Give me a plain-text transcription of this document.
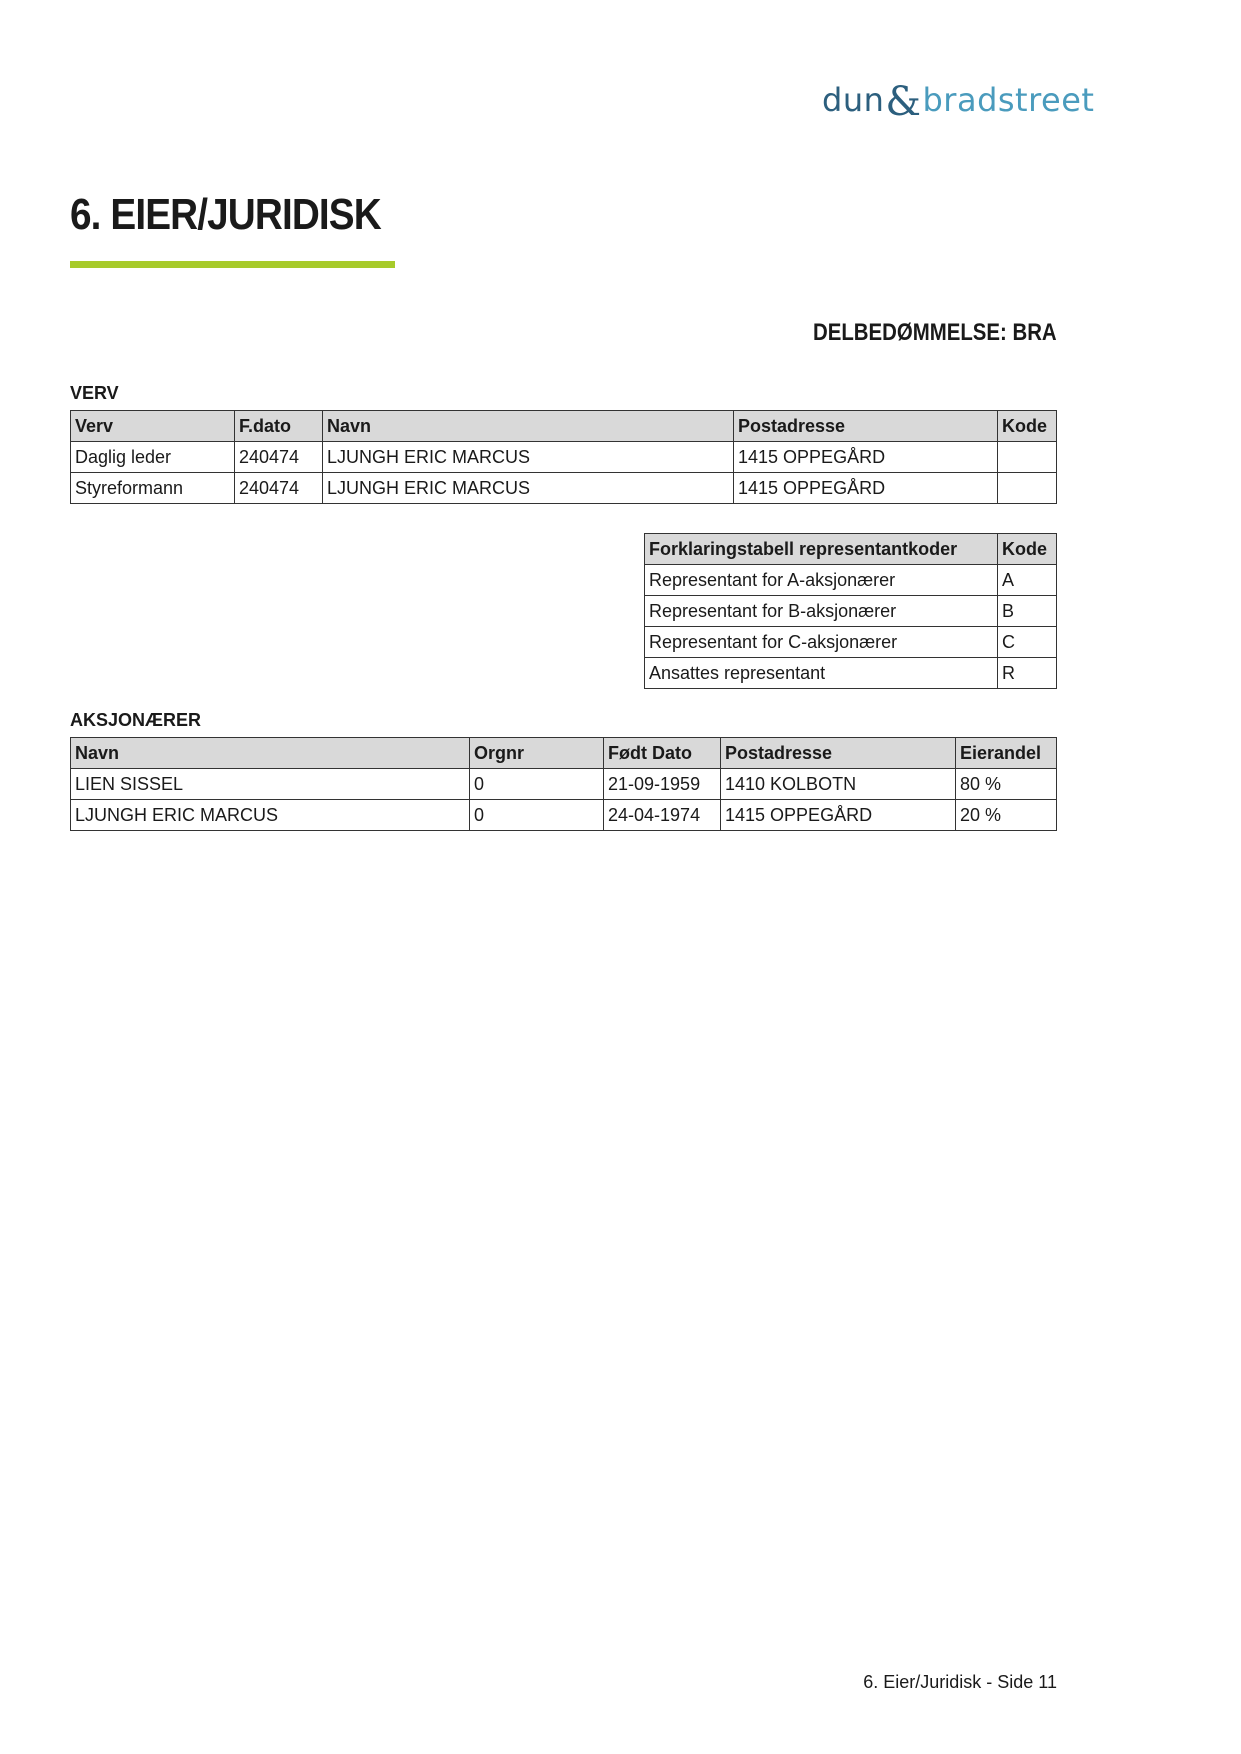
dun & bradstreet
6. EIER/JURIDISK
DELBEDØMMELSE: BRA
VERV
Verv	F.dato	Navn	Postadresse	Kode
Daglig leder	240474	LJUNGH ERIC MARCUS	1415 OPPEGÅRD	
Styreformann	240474	LJUNGH ERIC MARCUS	1415 OPPEGÅRD	
Forklaringstabell representantkoder	Kode
Representant for A-aksjonærer	A
Representant for B-aksjonærer	B
Representant for C-aksjonærer	C
Ansattes representant	R
AKSJONÆRER
Navn	Orgnr	Født Dato	Postadresse	Eierandel
LIEN SISSEL	0	21-09-1959	1410 KOLBOTN	80 %
LJUNGH ERIC MARCUS	0	24-04-1974	1415 OPPEGÅRD	20 %
6. Eier/Juridisk - Side 11
